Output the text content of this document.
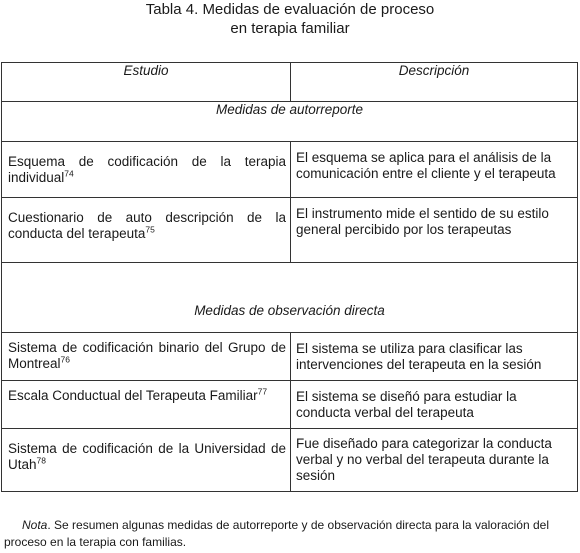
Tabla 4. Medidas de evaluación de proceso
en terapia familiar
Estudio	Descripción
Medidas de autorreporte	
Esquema de codificación de la terapia individual$^{74}$	El esquema se aplica para el análisis de la comunicación entre el cliente y el terapeuta
Cuestionario de auto descripción de la conducta del terapeuta$^{75}$	El instrumento mide el sentido de su estilo general percibido por los terapeutas
Medidas de observación directa	
Sistema de codificación binario del Grupo de Montreal$^{76}$	El sistema se utiliza para clasificar las intervenciones del terapeuta en la sesión
Escala Conductual del Terapeuta Familiar$^{77}$	El sistema se diseñó para estudiar la conducta verbal del terapeuta
Sistema de codificación de la Universidad de Utah$^{78}$	Fue diseñado para categorizar la conducta verbal y no verbal del terapeuta durante la sesión

Nota. Se resumen algunas medidas de autorreporte y de observación directa para la valoración del proceso en la terapia con familias.
